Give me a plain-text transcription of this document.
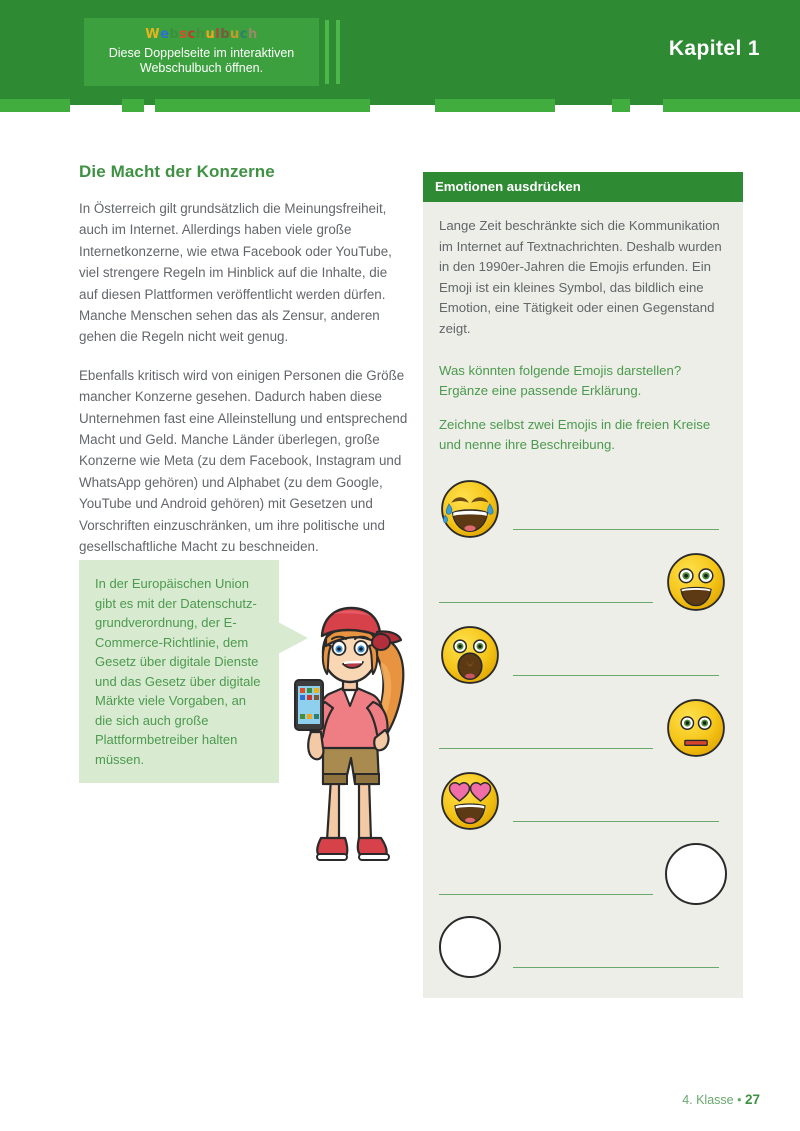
Webschulbuch
Diese Doppelseite im interaktiven
Webschulbuch öffnen.
Kapitel 1
Die Macht der Konzerne

In Österreich gilt grundsätzlich die Meinungsfreiheit, auch im Internet. Allerdings haben viele große Internetkonzerne, wie etwa Facebook oder YouTube, viel strengere Regeln im Hinblick auf die Inhalte, die auf diesen Plattformen veröffentlicht werden dürfen. Manche Menschen sehen das als Zensur, anderen gehen die Regeln nicht weit genug.

Ebenfalls kritisch wird von einigen Personen die Größe mancher Konzerne gesehen. Dadurch haben diese Unternehmen fast eine Alleinstellung und entsprechend Macht und Geld. Manche Länder überlegen, große Konzerne wie Meta (zu dem Facebook, Instagram und WhatsApp gehören) und Alphabet (zu dem Google, YouTube und Android gehören) mit Gesetzen und Vorschriften einzuschränken, um ihre politische und gesellschaftliche Macht zu beschneiden.

In der Europäischen Union gibt es mit der Datenschutz-grundverordnung, der E-Commerce-Richtlinie, dem Gesetz über digitale Dienste und das Gesetz über digitale Märkte viele Vorgaben, an die sich auch große Plattformbetreiber halten müssen.
Emotionen ausdrücken

Lange Zeit beschränkte sich die Kommunikation im Internet auf Textnachrichten. Deshalb wurden in den 1990er-Jahren die Emojis erfunden. Ein Emoji ist ein kleines Symbol, das bildlich eine Emotion, eine Tätigkeit oder einen Gegenstand zeigt.

Was könnten folgende Emojis darstellen? Ergänze eine passende Erklärung.

Zeichne selbst zwei Emojis in die freien Kreise und nenne ihre Beschreibung.

4. Klasse • 27
